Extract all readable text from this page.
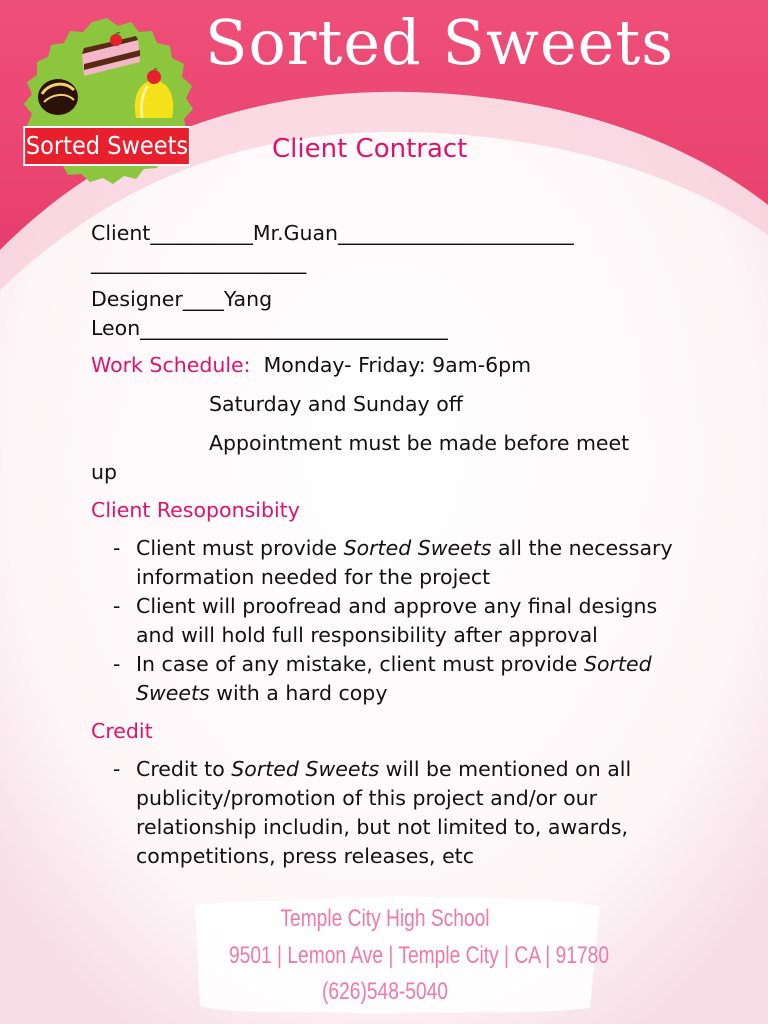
Sorted Sweets
Sorted Sweets	Client Contract

Client__________Mr.Guan_______________________

_____________________

Designer____Yang

Leon______________________________

Work Schedule: Monday- Friday: 9am-6pm

Saturday and Sunday off

Appointment must be made before meet

up

Client Resoponsibity

- Client must provide Sorted Sweets all the necessary information needed for the project
- Client will proofread and approve any final designs and will hold full responsibility after approval
- In case of any mistake, client must provide Sorted Sweets with a hard copy

Credit

- Credit to Sorted Sweets will be mentioned on all publicity/promotion of this project and/or our relationship includin, but not limited to, awards, competitions, press releases, etc
Temple City High School
9501 | Lemon Ave | Temple City | CA | 91780
(626)548-5040
